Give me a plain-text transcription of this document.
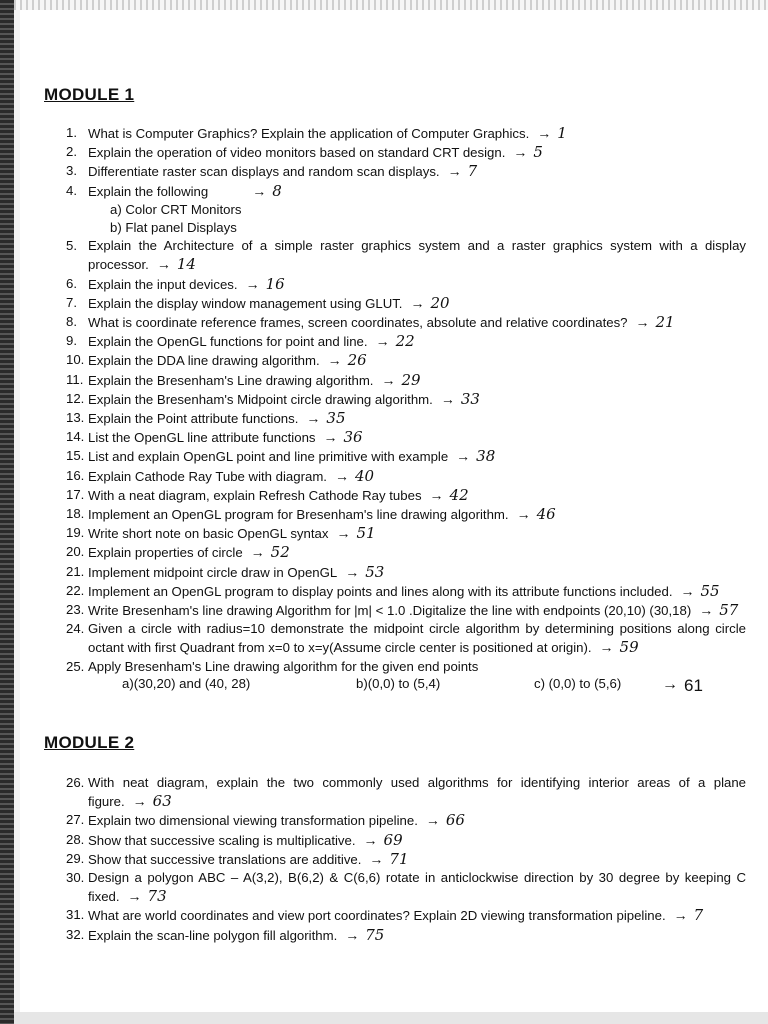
MODULE 1
1. What is Computer Graphics? Explain the application of Computer Graphics. → 1
2. Explain the operation of video monitors based on standard CRT design. → 5
3. Differentiate raster scan displays and random scan displays. → 7
4. Explain the following	→ 8
a) Color CRT Monitors
b) Flat panel Displays
5. Explain the Architecture of a simple raster graphics system and a raster graphics system with a display processor. → 14
6. Explain the input devices. → 16
7. Explain the display window management using GLUT. → 20
8. What is coordinate reference frames, screen coordinates, absolute and relative coordinates? → 21
9. Explain the OpenGL functions for point and line. → 22
10. Explain the DDA line drawing algorithm. → 26
11. Explain the Bresenham's Line drawing algorithm. → 29
12. Explain the Bresenham's Midpoint circle drawing algorithm. → 33
13. Explain the Point attribute functions. → 35
14. List the OpenGL line attribute functions → 36
15. List and explain OpenGL point and line primitive with example → 38
16. Explain Cathode Ray Tube with diagram. → 40
17. With a neat diagram, explain Refresh Cathode Ray tubes → 42
18. Implement an OpenGL program for Bresenham's line drawing algorithm. → 46
19. Write short note on basic OpenGL syntax → 51
20. Explain properties of circle → 52
21. Implement midpoint circle draw in OpenGL → 53
22. Implement an OpenGL program to display points and lines along with its attribute functions included. → 55
23. Write Bresenham's line drawing Algorithm for |m| < 1.0 .Digitalize the line with endpoints (20,10) (30,18) → 57
24. Given a circle with radius=10 demonstrate the midpoint circle algorithm by determining positions along circle octant with first Quadrant from x=0 to x=y(Assume circle center is positioned at origin). → 59
25. Apply Bresenham's Line drawing algorithm for the given end points
a)(30,20) and (40, 28)	b)(0,0) to (5,4)	c) (0,0) to (5,6)	→ 61
MODULE 2
26. With neat diagram, explain the two commonly used algorithms for identifying interior areas of a plane figure. → 63
27. Explain two dimensional viewing transformation pipeline. → 66
28. Show that successive scaling is multiplicative. → 69
29. Show that successive translations are additive. → 71
30. Design a polygon ABC – A(3,2), B(6,2) & C(6,6) rotate in anticlockwise direction by 30 degree by keeping C fixed. → 73
31. What are world coordinates and view port coordinates? Explain 2D viewing transformation pipeline. → 7
32. Explain the scan-line polygon fill algorithm. → 75
